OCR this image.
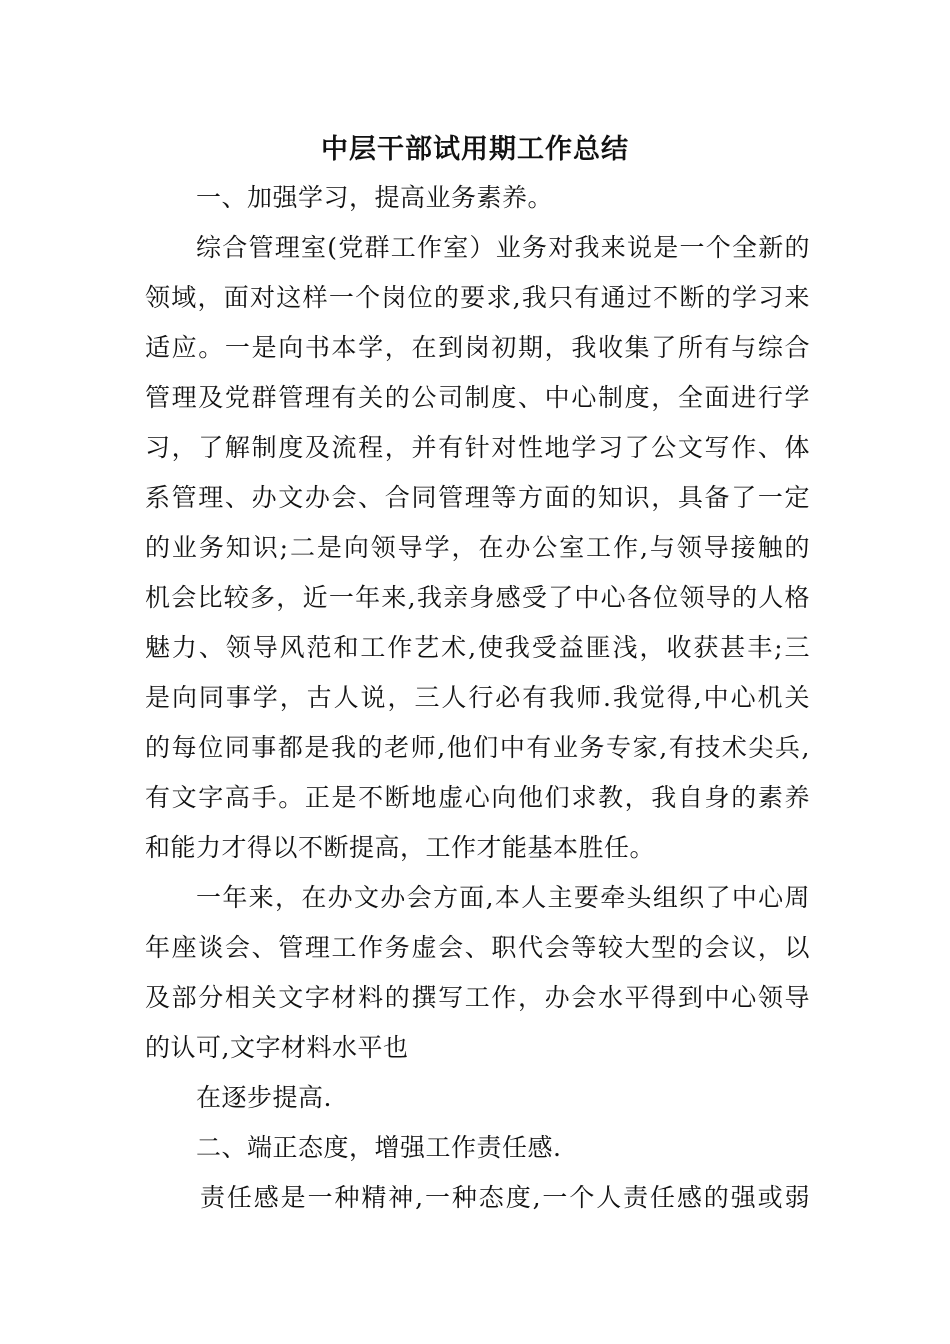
中层干部试用期工作总结

一、加强学习，提高业务素养。

综合管理室(党群工作室）业务对我来说是一个全新的

领域，面对这样一个岗位的要求,我只有通过不断的学习来

适应。一是向书本学，在到岗初期，我收集了所有与综合

管理及党群管理有关的公司制度、中心制度，全面进行学

习，了解制度及流程，并有针对性地学习了公文写作、体

系管理、办文办会、合同管理等方面的知识，具备了一定

的业务知识;二是向领导学，在办公室工作,与领导接触的

机会比较多，近一年来,我亲身感受了中心各位领导的人格

魅力、领导风范和工作艺术,使我受益匪浅，收获甚丰;三

是向同事学，古人说，三人行必有我师.我觉得,中心机关

的每位同事都是我的老师,他们中有业务专家,有技术尖兵,

有文字高手。正是不断地虚心向他们求教，我自身的素养

和能力才得以不断提高，工作才能基本胜任。

一年来，在办文办会方面,本人主要牵头组织了中心周

年座谈会、管理工作务虚会、职代会等较大型的会议，以

及部分相关文字材料的撰写工作，办会水平得到中心领导

的认可,文字材料水平也

在逐步提高.

二、端正态度，增强工作责任感.

责任感是一种精神,一种态度,一个人责任感的强或弱
